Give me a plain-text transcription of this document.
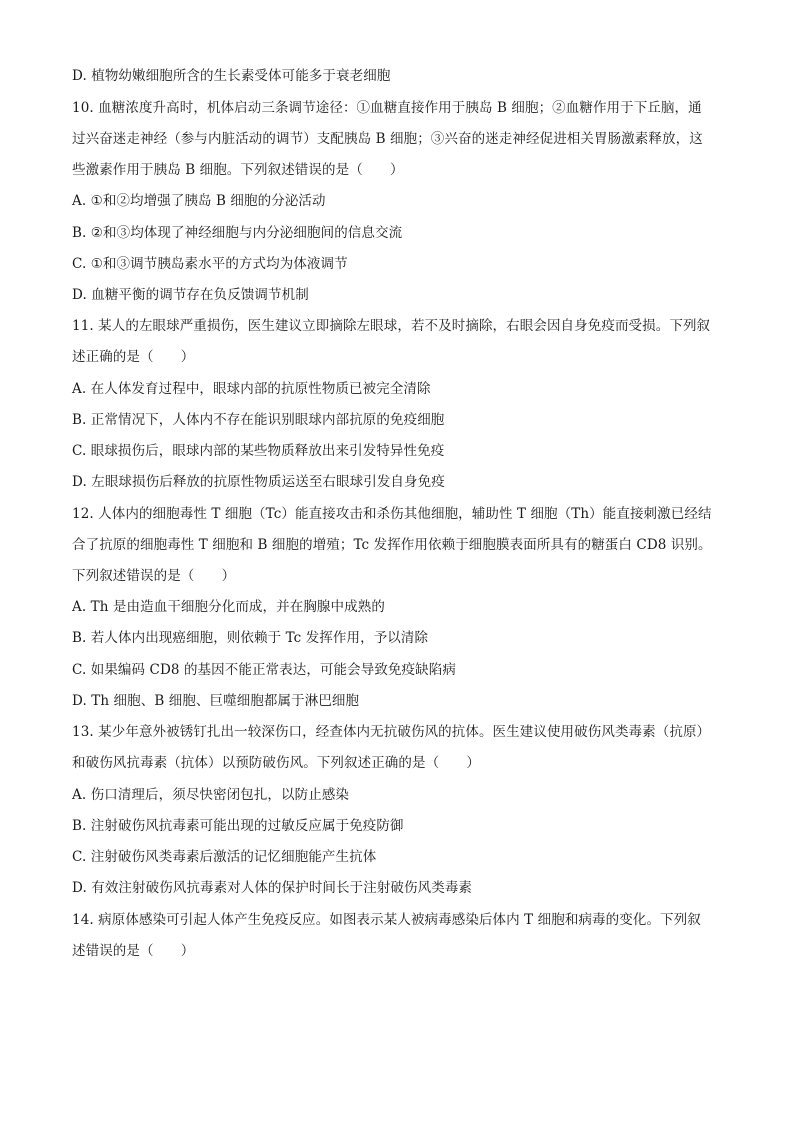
D. 植物幼嫩细胞所含的生长素受体可能多于衰老细胞
10. 血糖浓度升高时，机体启动三条调节途径：①血糖直接作用于胰岛 B 细胞；②血糖作用于下丘脑，通
过兴奋迷走神经（参与内脏活动的调节）支配胰岛 B 细胞；③兴奋的迷走神经促进相关胃肠激素释放，这
些激素作用于胰岛 B 细胞。下列叙述错误的是（　　）
A. ①和②均增强了胰岛 B 细胞的分泌活动
B. ②和③均体现了神经细胞与内分泌细胞间的信息交流
C. ①和③调节胰岛素水平的方式均为体液调节
D. 血糖平衡的调节存在负反馈调节机制
11. 某人的左眼球严重损伤，医生建议立即摘除左眼球，若不及时摘除，右眼会因自身免疫而受损。下列叙
述正确的是（　　）
A. 在人体发育过程中，眼球内部的抗原性物质已被完全清除
B. 正常情况下，人体内不存在能识别眼球内部抗原的免疫细胞
C. 眼球损伤后，眼球内部的某些物质释放出来引发特异性免疫
D. 左眼球损伤后释放的抗原性物质运送至右眼球引发自身免疫
12. 人体内的细胞毒性 T 细胞（Tc）能直接攻击和杀伤其他细胞，辅助性 T 细胞（Th）能直接刺激已经结
合了抗原的细胞毒性 T 细胞和 B 细胞的增殖；Tc 发挥作用依赖于细胞膜表面所具有的糖蛋白 CD8 识别。
下列叙述错误的是（　　）
A. Th 是由造血干细胞分化而成，并在胸腺中成熟的
B. 若人体内出现癌细胞，则依赖于 Tc 发挥作用，予以清除
C. 如果编码 CD8 的基因不能正常表达，可能会导致免疫缺陷病
D. Th 细胞、B 细胞、巨噬细胞都属于淋巴细胞
13. 某少年意外被锈钉扎出一较深伤口，经查体内无抗破伤风的抗体。医生建议使用破伤风类毒素（抗原）
和破伤风抗毒素（抗体）以预防破伤风。下列叙述正确的是（　　）
A. 伤口清理后，须尽快密闭包扎，以防止感染
B. 注射破伤风抗毒素可能出现的过敏反应属于免疫防御
C. 注射破伤风类毒素后激活的记忆细胞能产生抗体
D. 有效注射破伤风抗毒素对人体的保护时间长于注射破伤风类毒素
14. 病原体感染可引起人体产生免疫反应。如图表示某人被病毒感染后体内 T 细胞和病毒的变化。下列叙
述错误的是（　　）
